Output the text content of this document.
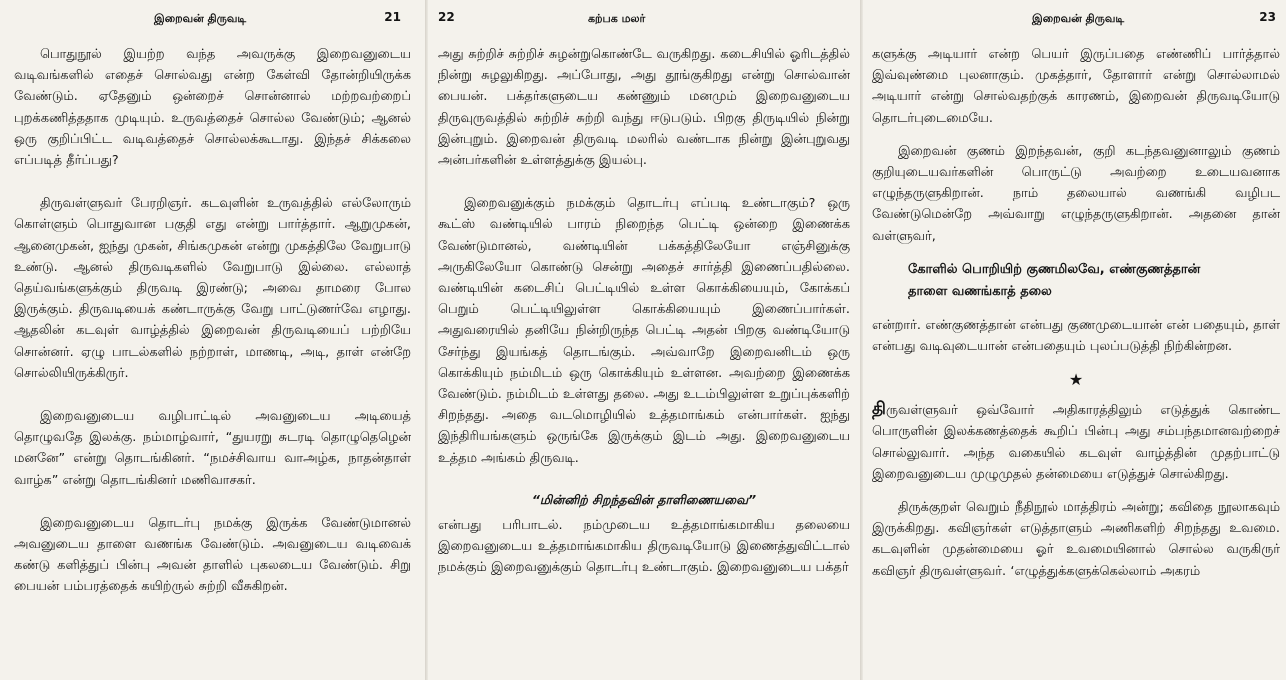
இறைவன் திருவடி	21

பொதுநூல் இயற்ற வந்த அவருக்கு இறைவனுடைய வடிவங்களில் எதைச் சொல்வது என்ற கேள்வி தோன்றியிருக்க வேண்டும். ஏதேனும் ஒன்றைச் சொன்னால் மற்றவற்றைப் புறக்கணித்ததாக முடியும். உருவத்தைச் சொல்ல வேண்டும்; ஆனல் ஒரு குறிப்பிட்ட வடிவத்தைச் சொல்லக்கூடாது. இந்தச் சிக்கலை எப்படித் தீர்ப்பது?

திருவள்ளுவர் பேரறிஞர். கடவுளின் உருவத்தில் எல்லோரும் கொள்ளும் பொதுவான பகுதி எது என்று பார்த்தார். ஆறுமுகன், ஆனைமுகன், ஐந்து முகன், சிங்கமுகன் என்று முகத்திலே வேறுபாடு உண்டு. ஆனல் திருவடிகளில் வேறுபாடு இல்லை. எல்லாத் தெய்வங்களுக்கும் திருவடி இரண்டு; அவை தாமரை போல இருக்கும். திருவடியைக் கண்டாருக்கு வேறு பாட்டுணர்வே எழாது. ஆதலின் கடவுள் வாழ்த்தில் இறைவன் திருவடியைப் பற்றியே சொன்னர். ஏழு பாடல்களில் நற்றாள், மாணடி, அடி, தாள் என்றே சொல்லியிருக்கிருர்.

இறைவனுடைய வழிபாட்டில் அவனுடைய அடியைத் தொழுவதே இலக்கு. நம்மாழ்வார், “துயரறு சுடரடி தொழுதெழென் மனனே” என்று தொடங்கினர். “நமச்சிவாய வாஅழ்க, நாதன்தாள் வாழ்க” என்று தொடங்கினர் மணிவாசகர்.

இறைவனுடைய தொடர்பு நமக்கு இருக்க வேண்டுமானல் அவனுடைய தாளை வணங்க வேண்டும். அவனுடைய வடிவைக் கண்டு களித்துப் பின்பு அவன் தாளில் புகலடைய வேண்டும். சிறு பையன் பம்பரத்தைக் கயிற்ருல் சுற்றி வீசுகிறன்.

22	கற்பக மலர்

அது சுற்றிச் சுற்றிச் சுழன்றுகொண்டே வருகிறது. கடைசியில் ஓரிடத்தில் நின்று சுழலுகிறது. அப்போது, அது தூங்குகிறது என்று சொல்வான் பையன். பக்தர்களுடைய கண்ணும் மனமும் இறைவனுடைய திருவுருவத்தில் சுற்றிச் சுற்றி வந்து ஈடுபடும். பிறகு திருடியில் நின்று இன்புறும். இறைவன் திருவடி மலரில் வண்டாக நின்று இன்புறுவது அன்பர்களின் உள்ளத்துக்கு இயல்பு.

இறைவனுக்கும் நமக்கும் தொடர்பு எப்படி உண்டாகும்? ஒரு கூட்ஸ் வண்டியில் பாரம் நிறைந்த பெட்டி ஒன்றை இணைக்க வேண்டுமானல், வண்டியின் பக்கத்திலேயோ எஞ்சினுக்கு அருகிலேயோ கொண்டு சென்று அதைச் சார்த்தி இணைப்பதில்லை. வண்டியின் கடைசிப் பெட்டியில் உள்ள கொக்கியையும், கோக்கப் பெறும் பெட்டியிலுள்ள கொக்கியையும் இணைப்பார்கள். அதுவரையில் தனியே நின்றிருந்த பெட்டி அதன் பிறகு வண்டியோடு சேர்ந்து இயங்கத் தொடங்கும். அவ்வாறே இறைவனிடம் ஒரு கொக்கியும் நம்மிடம் ஒரு கொக்கியும் உள்ளன. அவற்றை இணைக்க வேண்டும். நம்மிடம் உள்ளது தலை. அது உடம்பிலுள்ள உறுப்புக்களிற் சிறந்தது. அதை வடமொழியில் உத்தமாங்கம் என்பார்கள். ஐந்து இந்திரியங்களும் ஒருங்கே இருக்கும் இடம் அது. இறைவனுடைய உத்தம அங்கம் திருவடி.

“மின்னிற் சிறந்தவின் தாளிணையவை”

என்பது பரிபாடல். நம்முடைய உத்தமாங்கமாகிய தலையை இறைவனுடைய உத்தமாங்கமாகிய திருவடியோடு இணைத்துவிட்டால் நமக்கும் இறைவனுக்கும் தொடர்பு உண்டாகும். இறைவனுடைய பக்தர்

இறைவன் திருவடி	23

களுக்கு அடியார் என்ற பெயர் இருப்பதை எண்ணிப் பார்த்தால் இவ்வுண்மை புலனாகும். முகத்தார், தோளார் என்று சொல்லாமல் அடியார் என்று சொல்வதற்குக் காரணம், இறைவன் திருவடியோடு தொடர்புடைமையே.

இறைவன் குணம் இறந்தவன், குறி கடந்தவனுனாலும் குணம் குறியுடையவர்களின் பொருட்டு அவற்றை உடையவனாக எழுந்தருளுகிறான். நாம் தலையால் வணங்கி வழிபட வேண்டுமென்றே அவ்வாறு எழுந்தருளுகிறான். அதனை தான் வள்ளுவர்,

கோளில் பொறியிற் குணமிலவே, எண்குணத்தான்
தாளை வணங்காத் தலை

என்றார். எண்குணத்தான் என்பது குணமுடையான் என் பதையும், தாள் என்பது வடிவுடையான் என்பதையும் புலப்படுத்தி நிற்கின்றன.

★

திருவள்ளுவர் ஒவ்வோர் அதிகாரத்திலும் எடுத்துக் கொண்ட பொருளின் இலக்கணத்தைக் கூறிப் பின்பு அது சம்பந்தமானவற்றைச் சொல்லுவார். அந்த வகையில் கடவுள் வாழ்த்தின் முதற்பாட்டு இறைவனுடைய முழுமுதல் தன்மையை எடுத்துச் சொல்கிறது.

திருக்குறள் வெறும் நீதிநூல் மாத்திரம் அன்று; கவிதை நூலாகவும் இருக்கிறது. கவிஞர்கள் எடுத்தாளும் அணிகளிற் சிறந்தது உவமை. கடவுளின் முதன்மையை ஓர் உவமையினால் சொல்ல வருகிருர் கவிஞர் திருவள்ளுவர். ‘எழுத்துக்களுக்கெல்லாம் அகரம்
